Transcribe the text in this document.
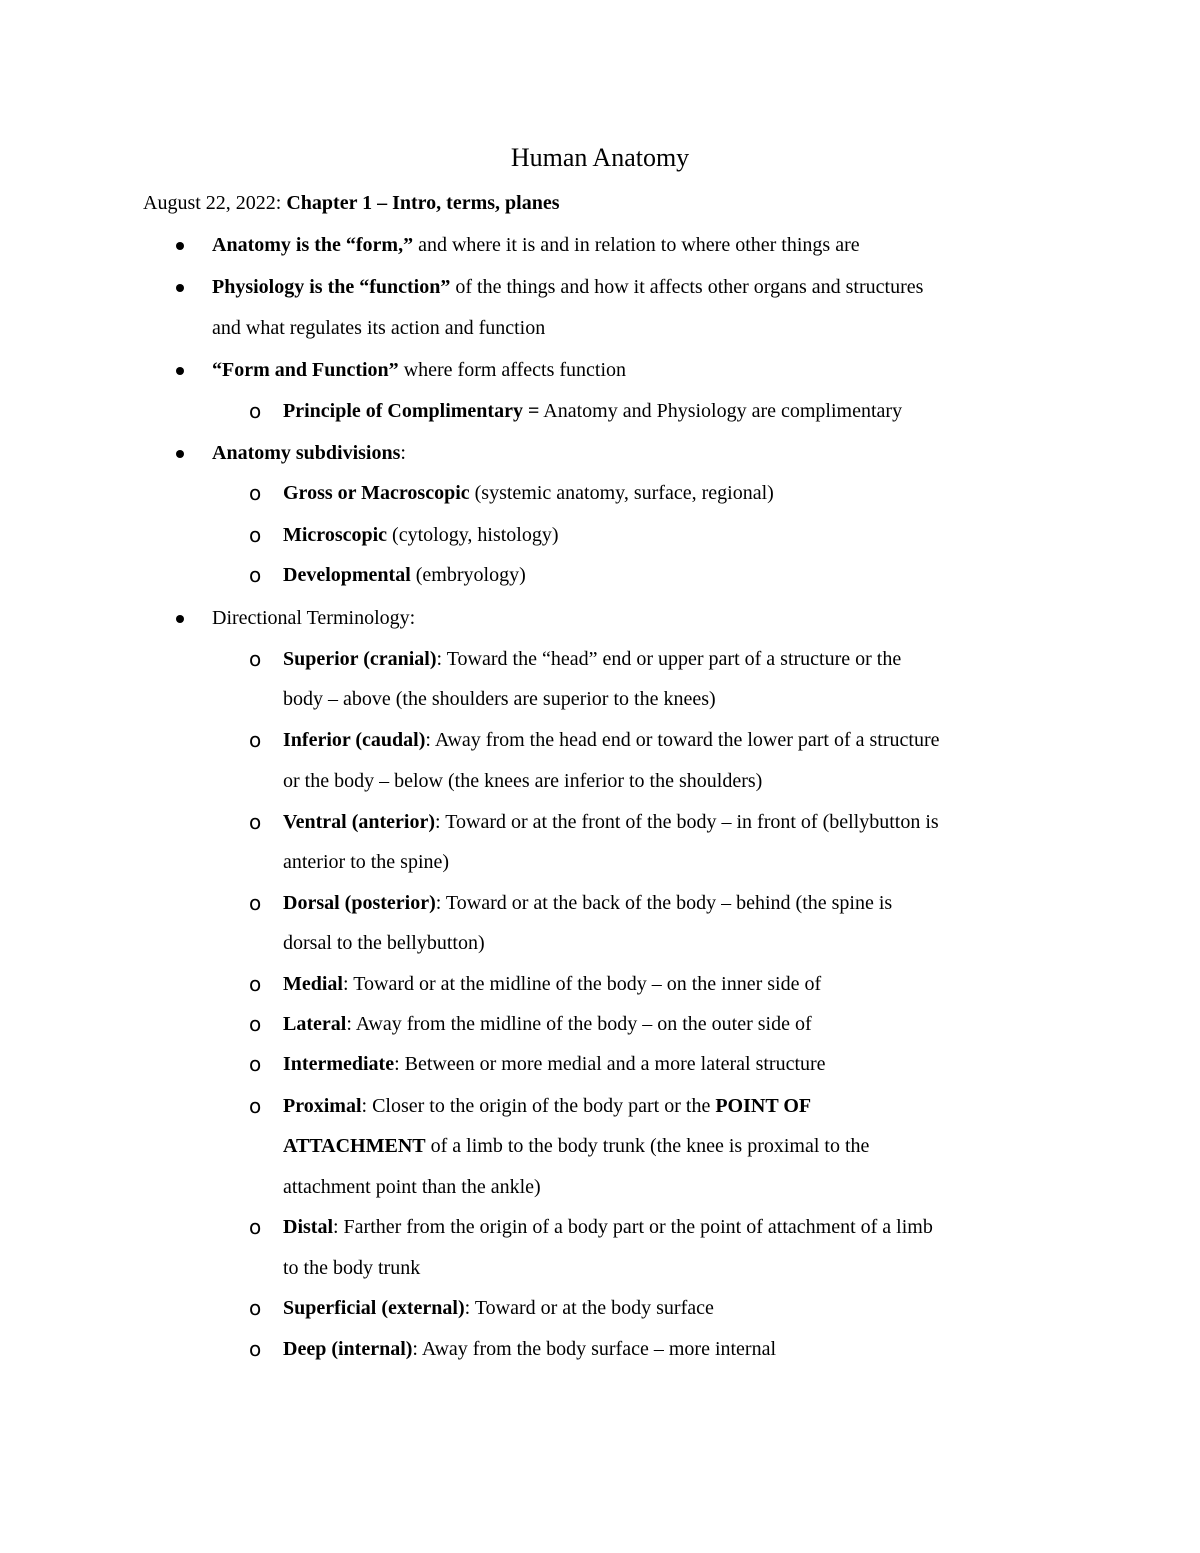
Human Anatomy
August 22, 2022: Chapter 1 – Intro, terms, planes
Anatomy is the “form,” and where it is and in relation to where other things are
Physiology is the “function” of the things and how it affects other organs and structures
and what regulates its action and function
“Form and Function” where form affects function
o Principle of Complimentary = Anatomy and Physiology are complimentary
Anatomy subdivisions:
o Gross or Macroscopic (systemic anatomy, surface, regional)
o Microscopic (cytology, histology)
o Developmental (embryology)
Directional Terminology:
o Superior (cranial): Toward the “head” end or upper part of a structure or the
body – above (the shoulders are superior to the knees)
o Inferior (caudal): Away from the head end or toward the lower part of a structure
or the body – below (the knees are inferior to the shoulders)
o Ventral (anterior): Toward or at the front of the body – in front of (bellybutton is
anterior to the spine)
o Dorsal (posterior): Toward or at the back of the body – behind (the spine is
dorsal to the bellybutton)
o Medial: Toward or at the midline of the body – on the inner side of
o Lateral: Away from the midline of the body – on the outer side of
o Intermediate: Between or more medial and a more lateral structure
o Proximal: Closer to the origin of the body part or the POINT OF
ATTACHMENT of a limb to the body trunk (the knee is proximal to the
attachment point than the ankle)
o Distal: Farther from the origin of a body part or the point of attachment of a limb
to the body trunk
o Superficial (external): Toward or at the body surface
o Deep (internal): Away from the body surface – more internal
